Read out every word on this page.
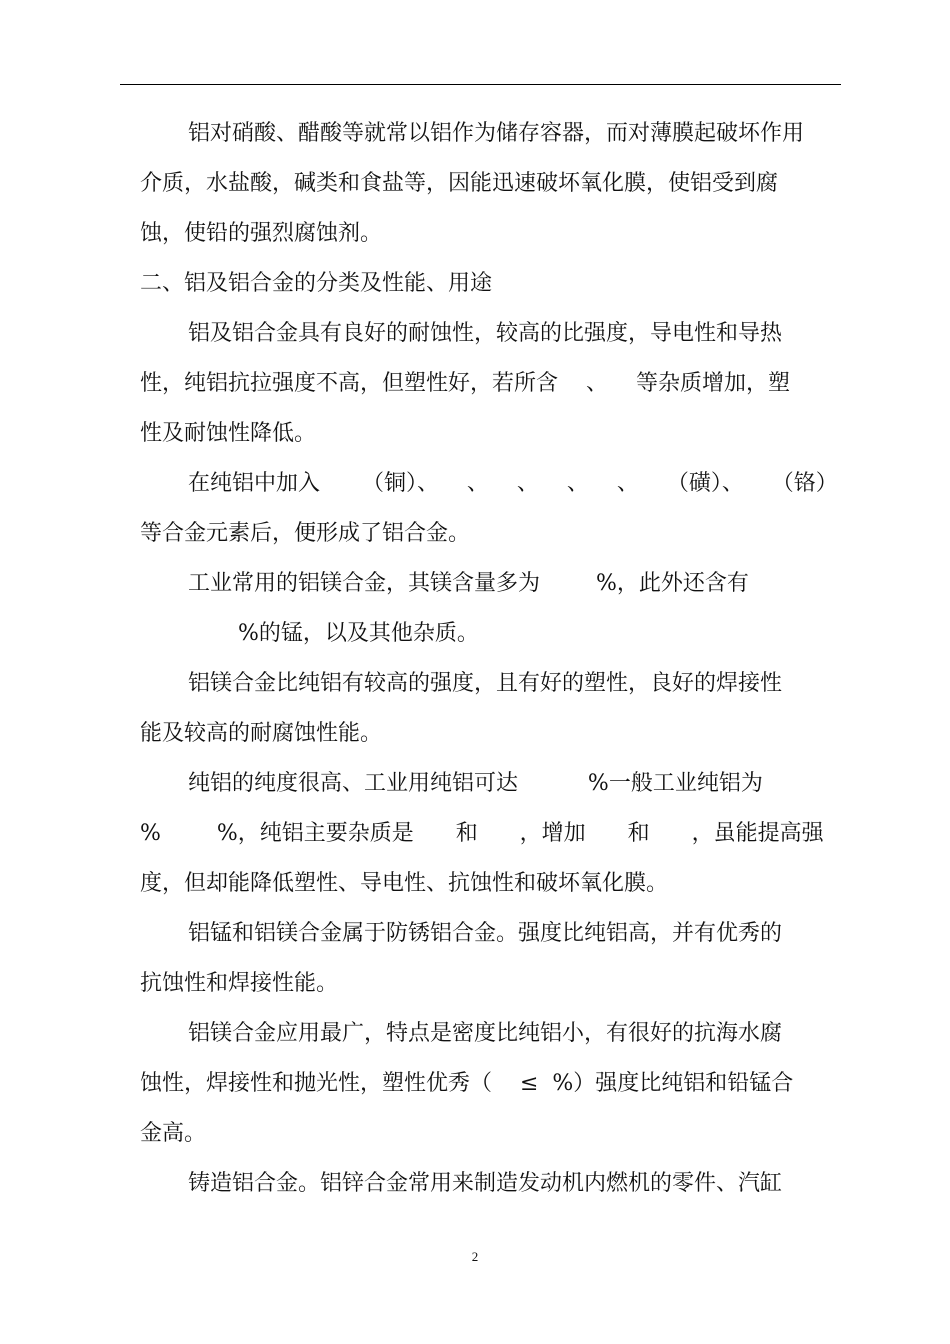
铝对硝酸、醋酸等就常以铝作为储存容器，而对薄膜起破坏作用
介质，水盐酸，碱类和食盐等，因能迅速破坏氧化膜，使铝受到腐
蚀，使铅的强烈腐蚀剂。
二、铝及铝合金的分类及性能、用途
铝及铝合金具有良好的耐蚀性，较高的比强度，导电性和导热
性，纯铝抗拉强度不高，但塑性好，若所含    、    等杂质增加，塑
性及耐蚀性降低。
在纯铝中加入      （铜）、    、    、    、    、    （磺）、    （铬）
等合金元素后，便形成了铝合金。
工业常用的铝镁合金，其镁含量多为        %，此外还含有
%的锰，以及其他杂质。
铝镁合金比纯铝有较高的强度，且有好的塑性，良好的焊接性
能及较高的耐腐蚀性能。
纯铝的纯度很高、工业用纯铝可达          %一般工业纯铝为
%        %，纯铝主要杂质是      和      ，增加      和      ，虽能提高强
度，但却能降低塑性、导电性、抗蚀性和破坏氧化膜。
铝锰和铝镁合金属于防锈铝合金。强度比纯铝高，并有优秀的
抗蚀性和焊接性能。
铝镁合金应用最广，特点是密度比纯铝小，有很好的抗海水腐
蚀性，焊接性和抛光性，塑性优秀（    ≤  %）强度比纯铝和铅锰合
金高。
铸造铝合金。铝锌合金常用来制造发动机内燃机的零件、汽缸
2
